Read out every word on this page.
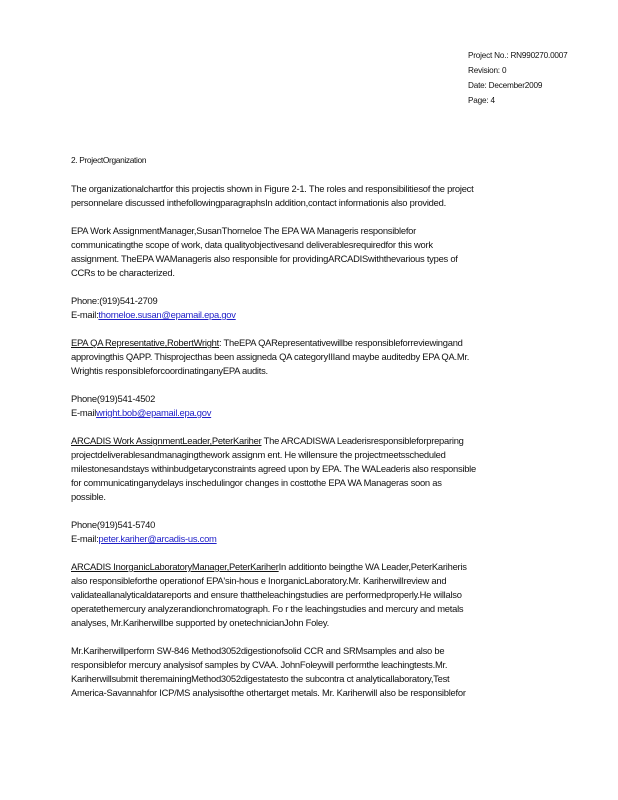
Project No.: RN990270.0007
Revision: 0
Date: December2009
Page: 4
2. ProjectOrganization
The organizationalchartfor this projectis shown in Figure 2-1. The roles and responsibilitiesof the project
personnelare discussed inthefollowingparagraphsIn addition,contact informationis also provided.
EPA Work AssignmentManager,SusanThorneloe The EPA WA Manageris responsiblefor
communicatingthe scope of work, data qualityobjectivesand deliverablesrequiredfor this work
assignment. TheEPA WAManageris also responsible for providingARCADISwiththevarious types of
CCRs to be characterized.
Phone:(919)541-2709
E-mail:thorneloe.susan@epamail.epa.gov
EPA QA Representative,RobertWright: TheEPA QARepresentativewillbe responsibleforreviewingand
approvingthis QAPP. Thisprojecthas been assigneda QA categoryIIIand maybe auditedby EPA QA.Mr.
Wrightis responsibleforcoordinatinganyEPA audits.
Phone(919)541-4502
E-mailwright.bob@epamail.epa.gov
ARCADIS Work AssignmentLeader,PeterKariher The ARCADISWA Leaderisresponsibleforpreparing
projectdeliverablesandmanagingthework assignm ent. He willensure the projectmeetsscheduled
milestonesandstays withinbudgetaryconstraints agreed upon by EPA. The WALeaderis also responsible
for communicatinganydelays inschedulingor changes in costtothe EPA WA Manageras soon as
possible.
Phone(919)541-5740
E-mail:peter.kariher@arcadis-us.com
ARCADIS InorganicLaboratoryManager,PeterKariherIn additionto beingthe WA Leader,PeterKariheris
also responsibleforthe operationof EPA'sin-hous e InorganicLaboratory.Mr. Kariherwillreview and
validateallanalyticaldatareports and ensure thattheleachingstudies are performedproperly.He willalso
operatethemercury analyzerandionchromatograph. Fo r the leachingstudies and mercury and metals
analyses, Mr.Kariherwillbe supported by onetechnicianJohn Foley.
Mr.Kariherwillperform SW-846 Method3052digestionofsolid CCR and SRMsamples and also be
responsiblefor mercury analysisof samples by CVAA. JohnFoleywill performthe leachingtests.Mr.
Kariherwillsubmit theremainingMethod3052digestatesto the subcontra ct analyticallaboratory,Test
America-Savannahfor ICP/MS analysisofthe othertarget metals. Mr. Kariherwill also be responsiblefor
